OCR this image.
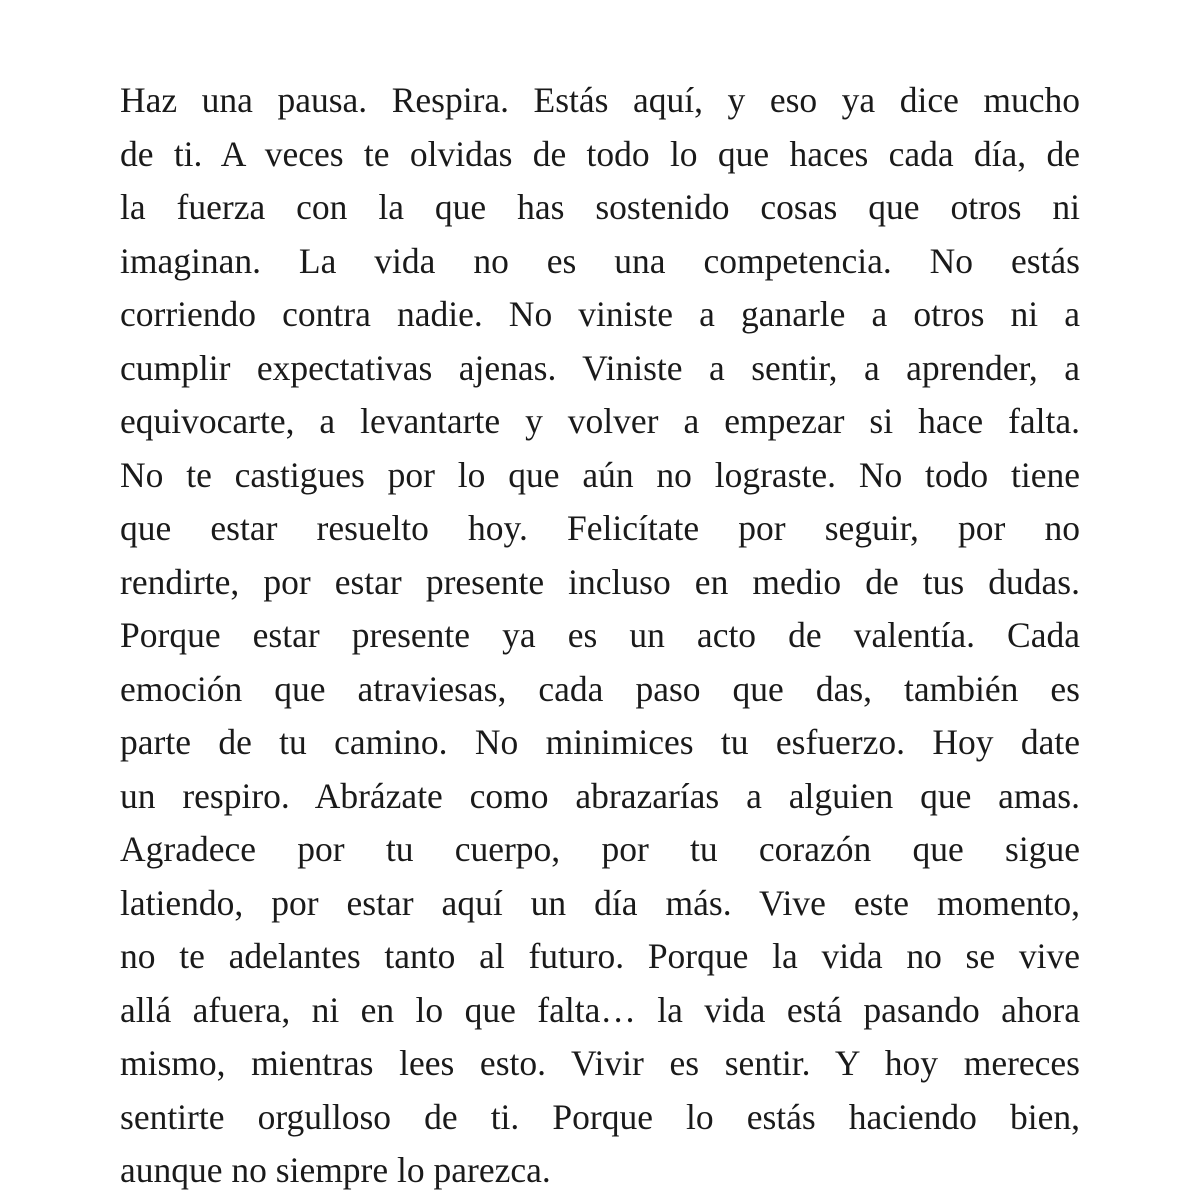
Haz una pausa. Respira. Estás aquí, y eso ya dice mucho
de ti. A veces te olvidas de todo lo que haces cada día, de
la fuerza con la que has sostenido cosas que otros ni
imaginan. La vida no es una competencia. No estás
corriendo contra nadie. No viniste a ganarle a otros ni a
cumplir expectativas ajenas. Viniste a sentir, a aprender, a
equivocarte, a levantarte y volver a empezar si hace falta.
No te castigues por lo que aún no lograste. No todo tiene
que estar resuelto hoy. Felicítate por seguir, por no
rendirte, por estar presente incluso en medio de tus dudas.
Porque estar presente ya es un acto de valentía. Cada
emoción que atraviesas, cada paso que das, también es
parte de tu camino. No minimices tu esfuerzo. Hoy date
un respiro. Abrázate como abrazarías a alguien que amas.
Agradece por tu cuerpo, por tu corazón que sigue
latiendo, por estar aquí un día más. Vive este momento,
no te adelantes tanto al futuro. Porque la vida no se vive
allá afuera, ni en lo que falta… la vida está pasando ahora
mismo, mientras lees esto. Vivir es sentir. Y hoy mereces
sentirte orgulloso de ti. Porque lo estás haciendo bien,
aunque no siempre lo parezca.
